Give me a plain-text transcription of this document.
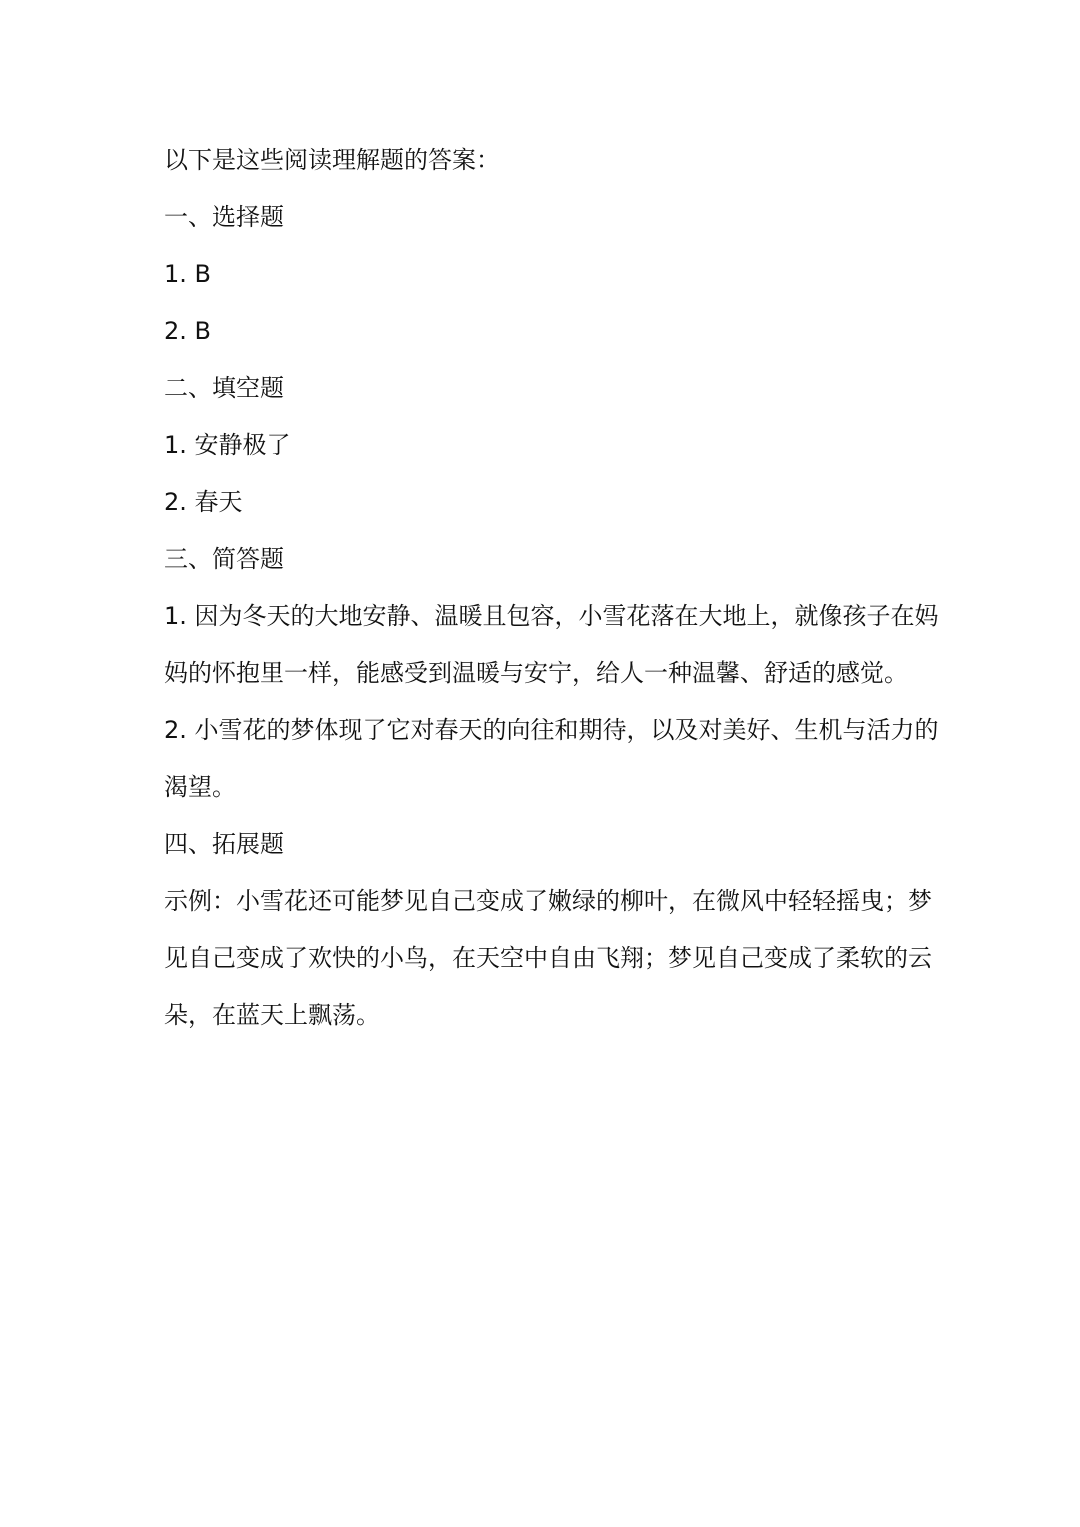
以下是这些阅读理解题的答案：
一、选择题
1. B
2. B
二、填空题
1. 安静极了
2. 春天
三、简答题
1. 因为冬天的大地安静、温暖且包容，小雪花落在大地上，就像孩子在妈妈的怀抱里一样，能感受到温暖与安宁，给人一种温馨、舒适的感觉。
2. 小雪花的梦体现了它对春天的向往和期待，以及对美好、生机与活力的渴望。
四、拓展题
示例：小雪花还可能梦见自己变成了嫩绿的柳叶，在微风中轻轻摇曳；梦见自己变成了欢快的小鸟，在天空中自由飞翔；梦见自己变成了柔软的云朵，在蓝天上飘荡。
